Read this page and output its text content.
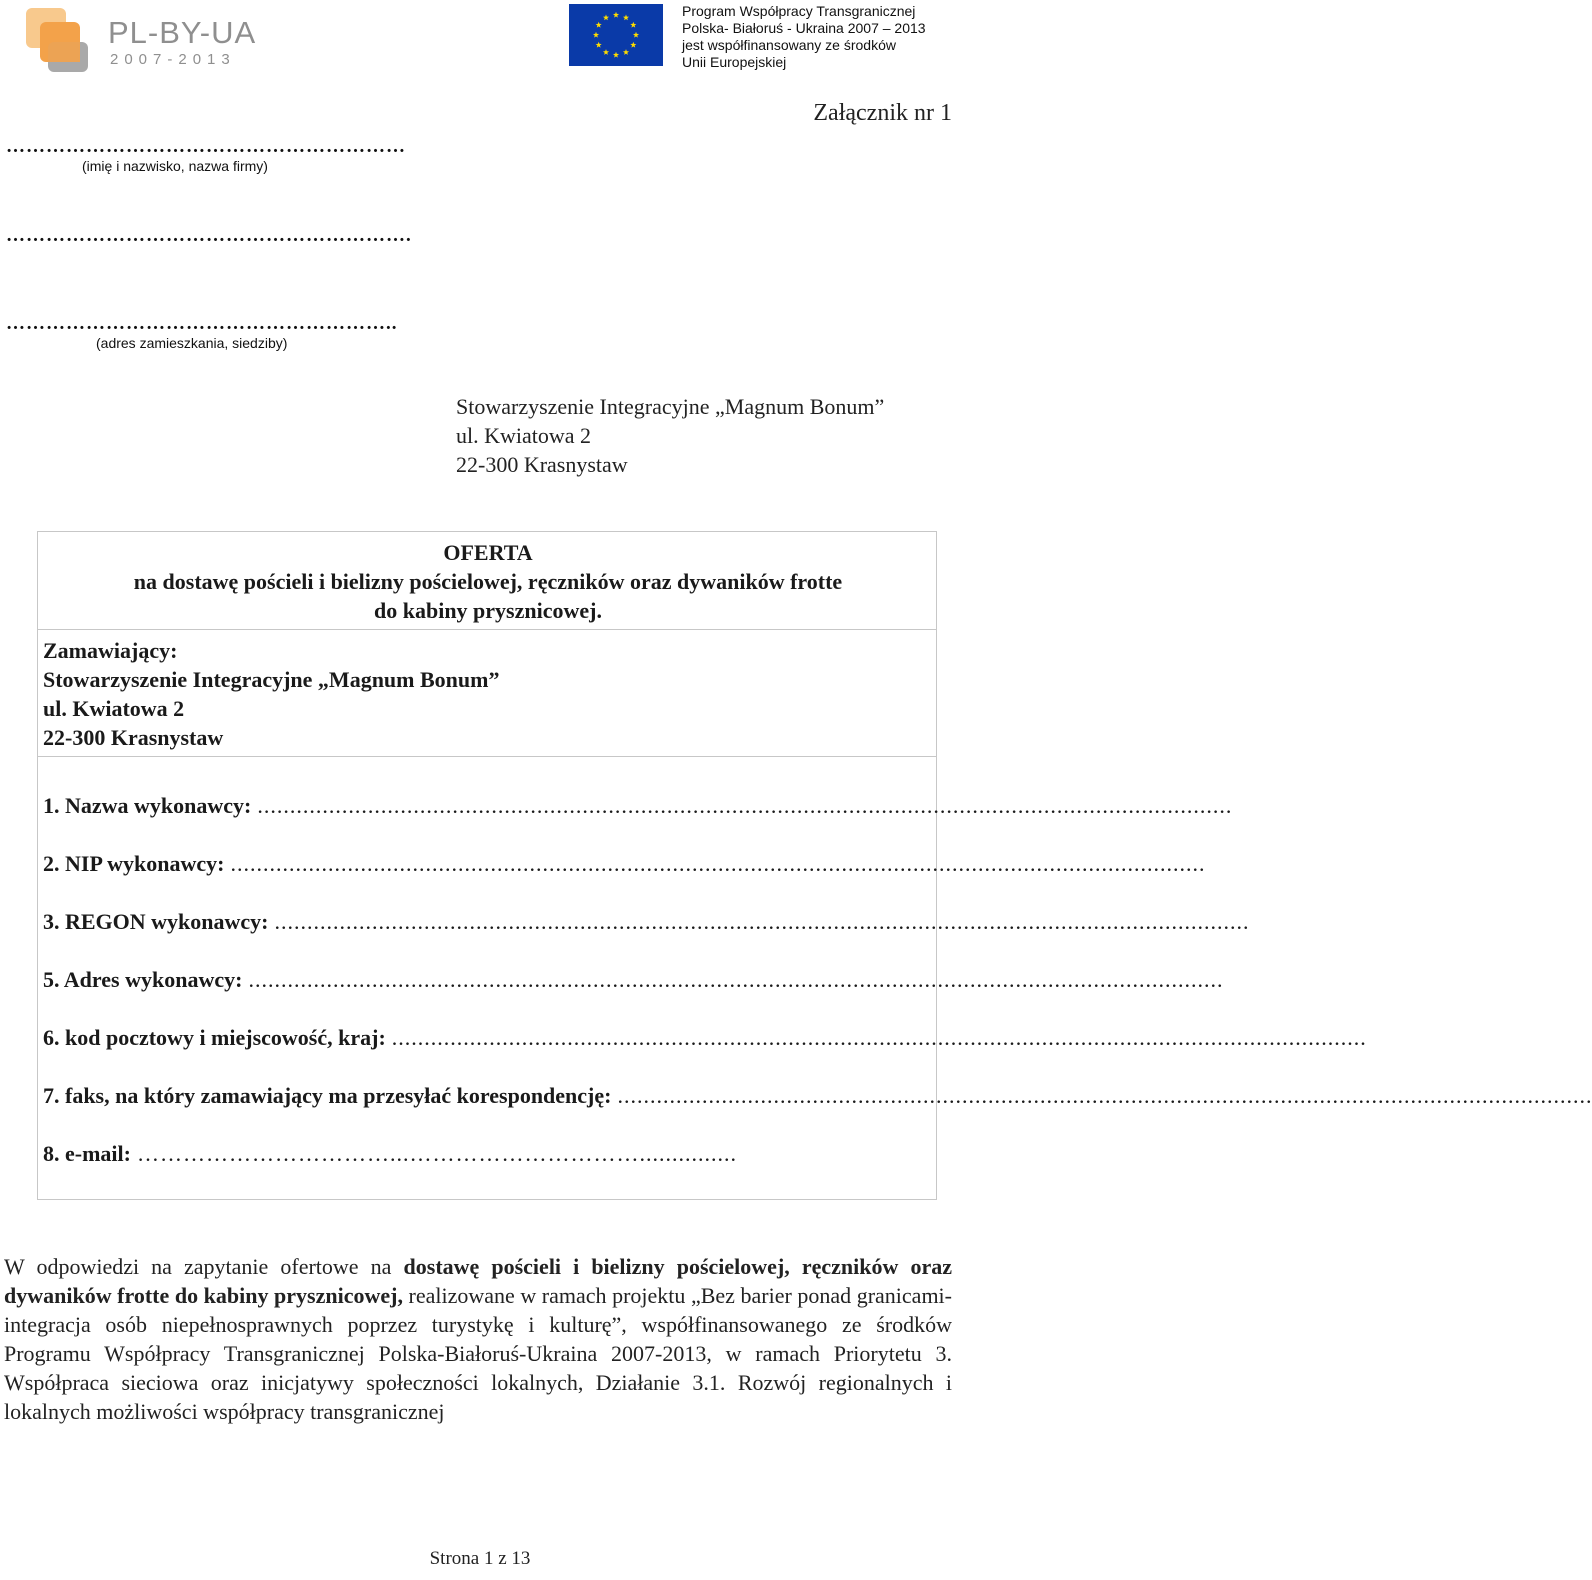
PL-BY-UA
2007-2013
Program Współpracy Transgranicznej
Polska- Białoruś - Ukraina 2007 – 2013
jest współfinansowany ze środków
Unii Europejskiej
Załącznik nr 1
……………………………………………………
(imię i nazwisko, nazwa firmy)
…………………………………………………….
…………………………………………………..
(adres zamieszkania, siedziby)
Stowarzyszenie Integracyjne „Magnum Bonum”
ul. Kwiatowa 2
22-300 Krasnystaw
OFERTA
na dostawę pościeli i bielizny pościelowej, ręczników oraz dywaników frotte
do kabiny prysznicowej.
Zamawiający:
Stowarzyszenie Integracyjne „Magnum Bonum”
ul. Kwiatowa 2
22-300 Krasnystaw
1. Nazwa wykonawcy: ......................................................................................................................................................
2. NIP wykonawcy: ......................................................................................................................................................
3. REGON wykonawcy: ......................................................................................................................................................
5. Adres wykonawcy: ......................................................................................................................................................
6. kod pocztowy i miejscowość, kraj: ......................................................................................................................................................
7. faks, na który zamawiający ma przesyłać korespondencję: ......................................................................................................................................................
8. e-mail: ……………………………...…………………………...............
W odpowiedzi na zapytanie ofertowe na dostawę pościeli i bielizny pościelowej, ręczników oraz dywaników frotte do kabiny prysznicowej, realizowane w ramach projektu „Bez barier ponad granicami- integracja osób niepełnosprawnych poprzez turystykę i kulturę”, współfinansowanego ze środków Programu Współpracy Transgranicznej Polska-Białoruś-Ukraina 2007-2013, w ramach Priorytetu 3. Współpraca sieciowa oraz inicjatywy społeczności lokalnych, Działanie 3.1. Rozwój regionalnych i lokalnych możliwości współpracy transgranicznej
Strona 1 z 13
